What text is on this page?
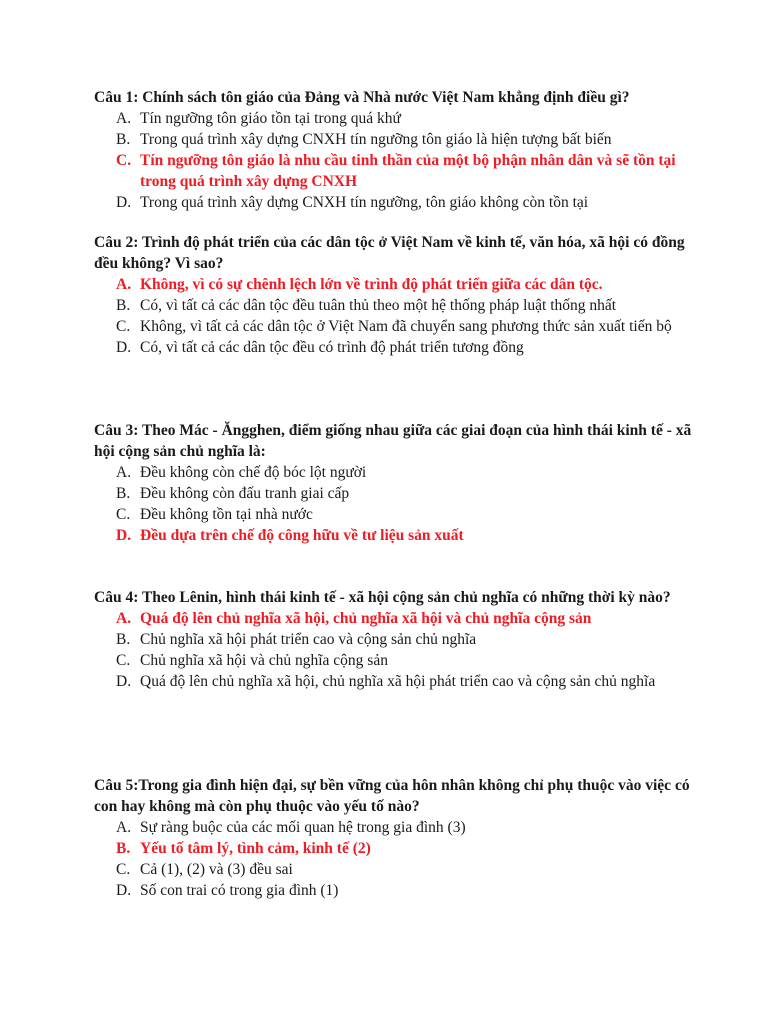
Câu 1: Chính sách tôn giáo của Đảng và Nhà nước Việt Nam khẳng định điều gì?

A. Tín ngưỡng tôn giáo tồn tại trong quá khứ
B. Trong quá trình xây dựng CNXH tín ngưỡng tôn giáo là hiện tượng bất biến
C. Tín ngưỡng tôn giáo là nhu cầu tinh thần của một bộ phận nhân dân và sẽ tồn tại trong quá trình xây dựng CNXH
D. Trong quá trình xây dựng CNXH tín ngưỡng, tôn giáo không còn tồn tại

Câu 2: Trình độ phát triển của các dân tộc ở Việt Nam về kinh tế, văn hóa, xã hội có đồng đều không? Vì sao?

A. Không, vì có sự chênh lệch lớn về trình độ phát triển giữa các dân tộc.
B. Có, vì tất cả các dân tộc đều tuân thủ theo một hệ thống pháp luật thống nhất
C. Không, vì tất cả các dân tộc ở Việt Nam đã chuyển sang phương thức sản xuất tiến bộ
D. Có, vì tất cả các dân tộc đều có trình độ phát triển tương đồng

Câu 3: Theo Mác - Ăngghen, điểm giống nhau giữa các giai đoạn của hình thái kinh tế - xã hội cộng sản chủ nghĩa là:

A. Đều không còn chế độ bóc lột người
B. Đều không còn đấu tranh giai cấp
C. Đều không tồn tại nhà nước
D. Đều dựa trên chế độ công hữu về tư liệu sản xuất

Câu 4: Theo Lênin, hình thái kinh tế - xã hội cộng sản chủ nghĩa có những thời kỳ nào?

A. Quá độ lên chủ nghĩa xã hội, chủ nghĩa xã hội và chủ nghĩa cộng sản
B. Chủ nghĩa xã hội phát triển cao và cộng sản chủ nghĩa
C. Chủ nghĩa xã hội và chủ nghĩa cộng sản
D. Quá độ lên chủ nghĩa xã hội, chủ nghĩa xã hội phát triển cao và cộng sản chủ nghĩa

Câu 5:Trong gia đình hiện đại, sự bền vững của hôn nhân không chỉ phụ thuộc vào việc có con hay không mà còn phụ thuộc vào yếu tố nào?

A. Sự ràng buộc của các mối quan hệ trong gia đình (3)
B. Yếu tố tâm lý, tình cảm, kinh tế (2)
C. Cả (1), (2) và (3) đều sai
D. Số con trai có trong gia đình (1)
